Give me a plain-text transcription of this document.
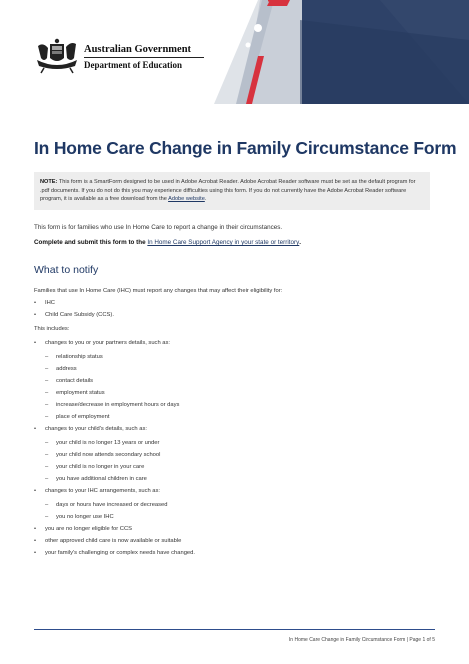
Australian Government
Department of Education
In Home Care Change in Family Circumstance Form
NOTE: This form is a SmartForm designed to be used in Adobe Acrobat Reader. Adobe Acrobat Reader software must be set as the default program for .pdf documents. If you do not do this you may experience difficulties using this form. If you do not currently have the Adobe Acrobat Reader software program, it is available as a free download from the Adobe website.
This form is for families who use In Home Care to report a change in their circumstances.
Complete and submit this form to the In Home Care Support Agency in your state or territory.
What to notify
Families that use In Home Care (IHC) must report any changes that may affect their eligibility for:
• IHC
• Child Care Subsidy (CCS).
This includes:
• changes to you or your partners details, such as:
– relationship status
– address
– contact details
– employment status
– increase/decrease in employment hours or days
– place of employment
• changes to your child's details, such as:
– your child is no longer 13 years or under
– your child now attends secondary school
– your child is no longer in your care
– you have additional children in care
• changes to your IHC arrangements, such as:
– days or hours have increased or decreased
– you no longer use IHC
• you are no longer eligible for CCS
• other approved child care is now available or suitable
• your family's challenging or complex needs have changed.
In Home Care Change in Family Circumstance Form | Page 1 of 5
